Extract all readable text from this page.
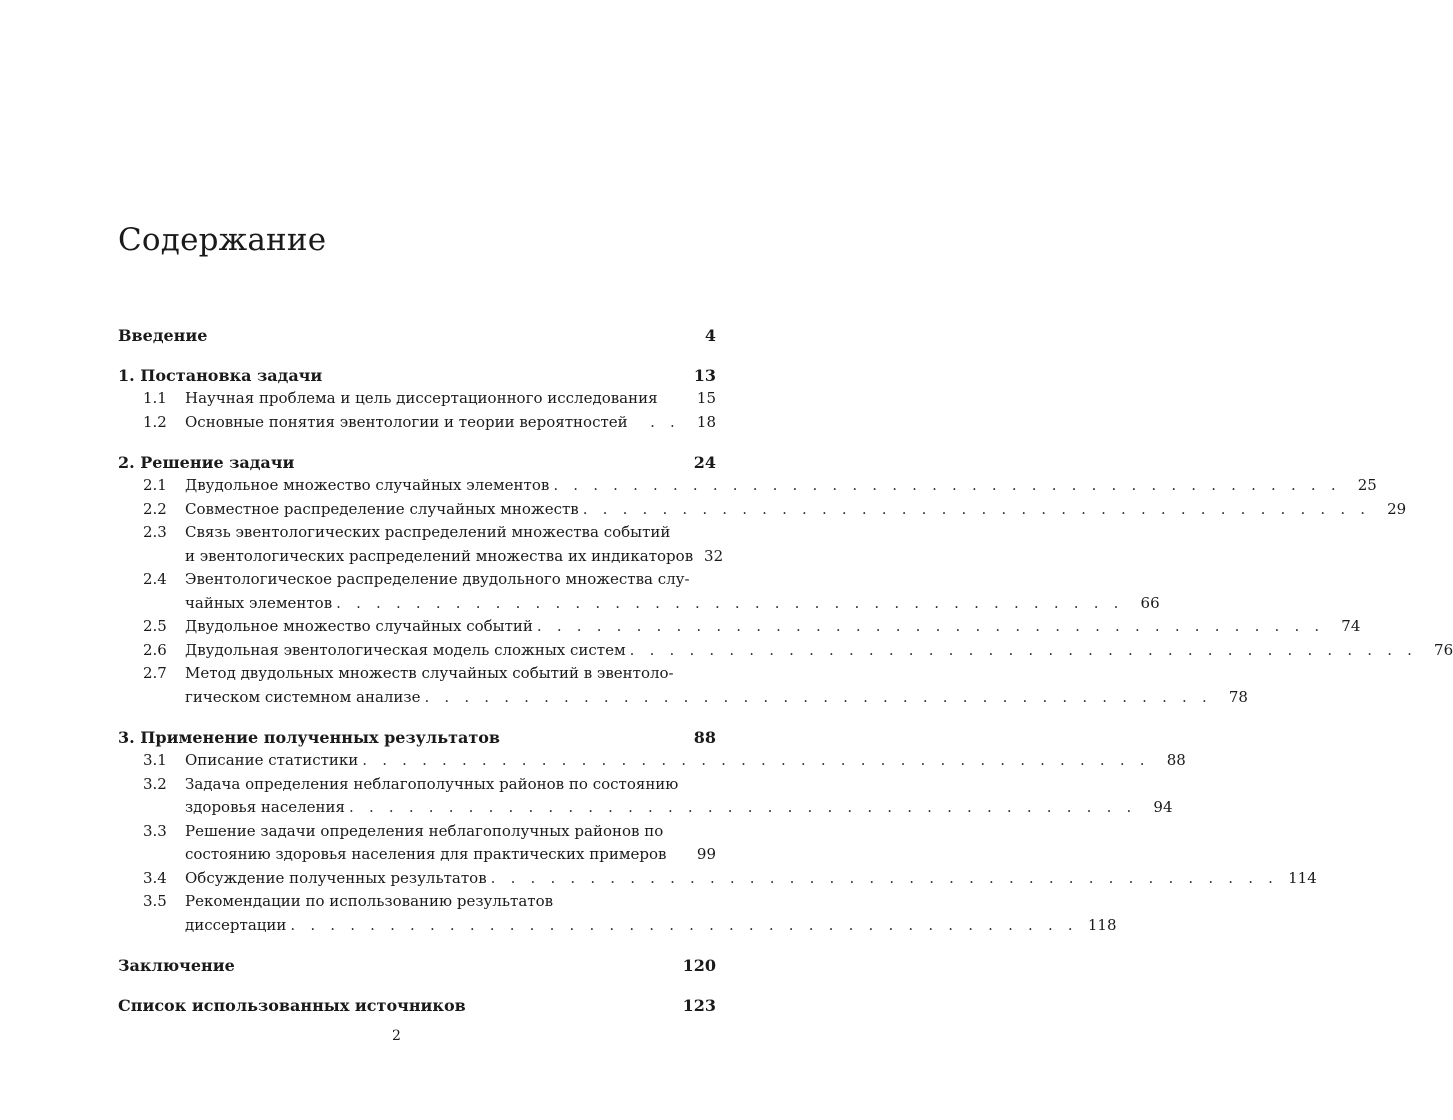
Содержание
Введение	4
1. Постановка задачи	13
1.1 Научная проблема и цель диссертационного исследования	15
1.2 Основные понятия эвентологии и теории вероятностей	. .	18
2. Решение задачи	24
2.1 Двудольное множество случайных элементов . . . . . . . . . . . . . . . . . . . . . . . . . . . . . . . . . . . . . . . .	25
2.2 Совместное распределение случайных множеств . . . . . . . . . . . . . . . . . . . . . . . . . . . . . . . . . . . . . . . .	29
2.3 Связь эвентологических распределений множества событий
и эвентологических распределений множества их индикаторов 32
2.4 Эвентологическое распределение двудольного множества слу-
чайных элементов . . . . . . . . . . . . . . . . . . . . . . . . . . . . . . . . . . . . . . . .	66
2.5 Двудольное множество случайных событий . . . . . . . . . . . . . . . . . . . . . . . . . . . . . . . . . . . . . . . .	74
2.6 Двудольная эвентологическая модель сложных систем . . . . . . . . . . . . . . . . . . . . . . . . . . . . . . . . . . . . . . . .	76
2.7 Метод двудольных множеств случайных событий в эвентоло-
гическом системном анализе . . . . . . . . . . . . . . . . . . . . . . . . . . . . . . . . . . . . . . . .	78
3. Применение полученных результатов	88
3.1 Описание статистики . . . . . . . . . . . . . . . . . . . . . . . . . . . . . . . . . . . . . . . .	88
3.2 Задача определения неблагополучных районов по состоянию
здоровья населения . . . . . . . . . . . . . . . . . . . . . . . . . . . . . . . . . . . . . . . .	94
3.3 Решение задачи определения неблагополучных районов по
состоянию здоровья населения для практических примеров	99
3.4 Обсуждение полученных результатов . . . . . . . . . . . . . . . . . . . . . . . . . . . . . . . . . . . . . . . . 114
3.5 Рекомендации по использованию результатов
диссертации . . . . . . . . . . . . . . . . . . . . . . . . . . . . . . . . . . . . . . . . 118
Заключение	120
Список использованных источников	123
2
